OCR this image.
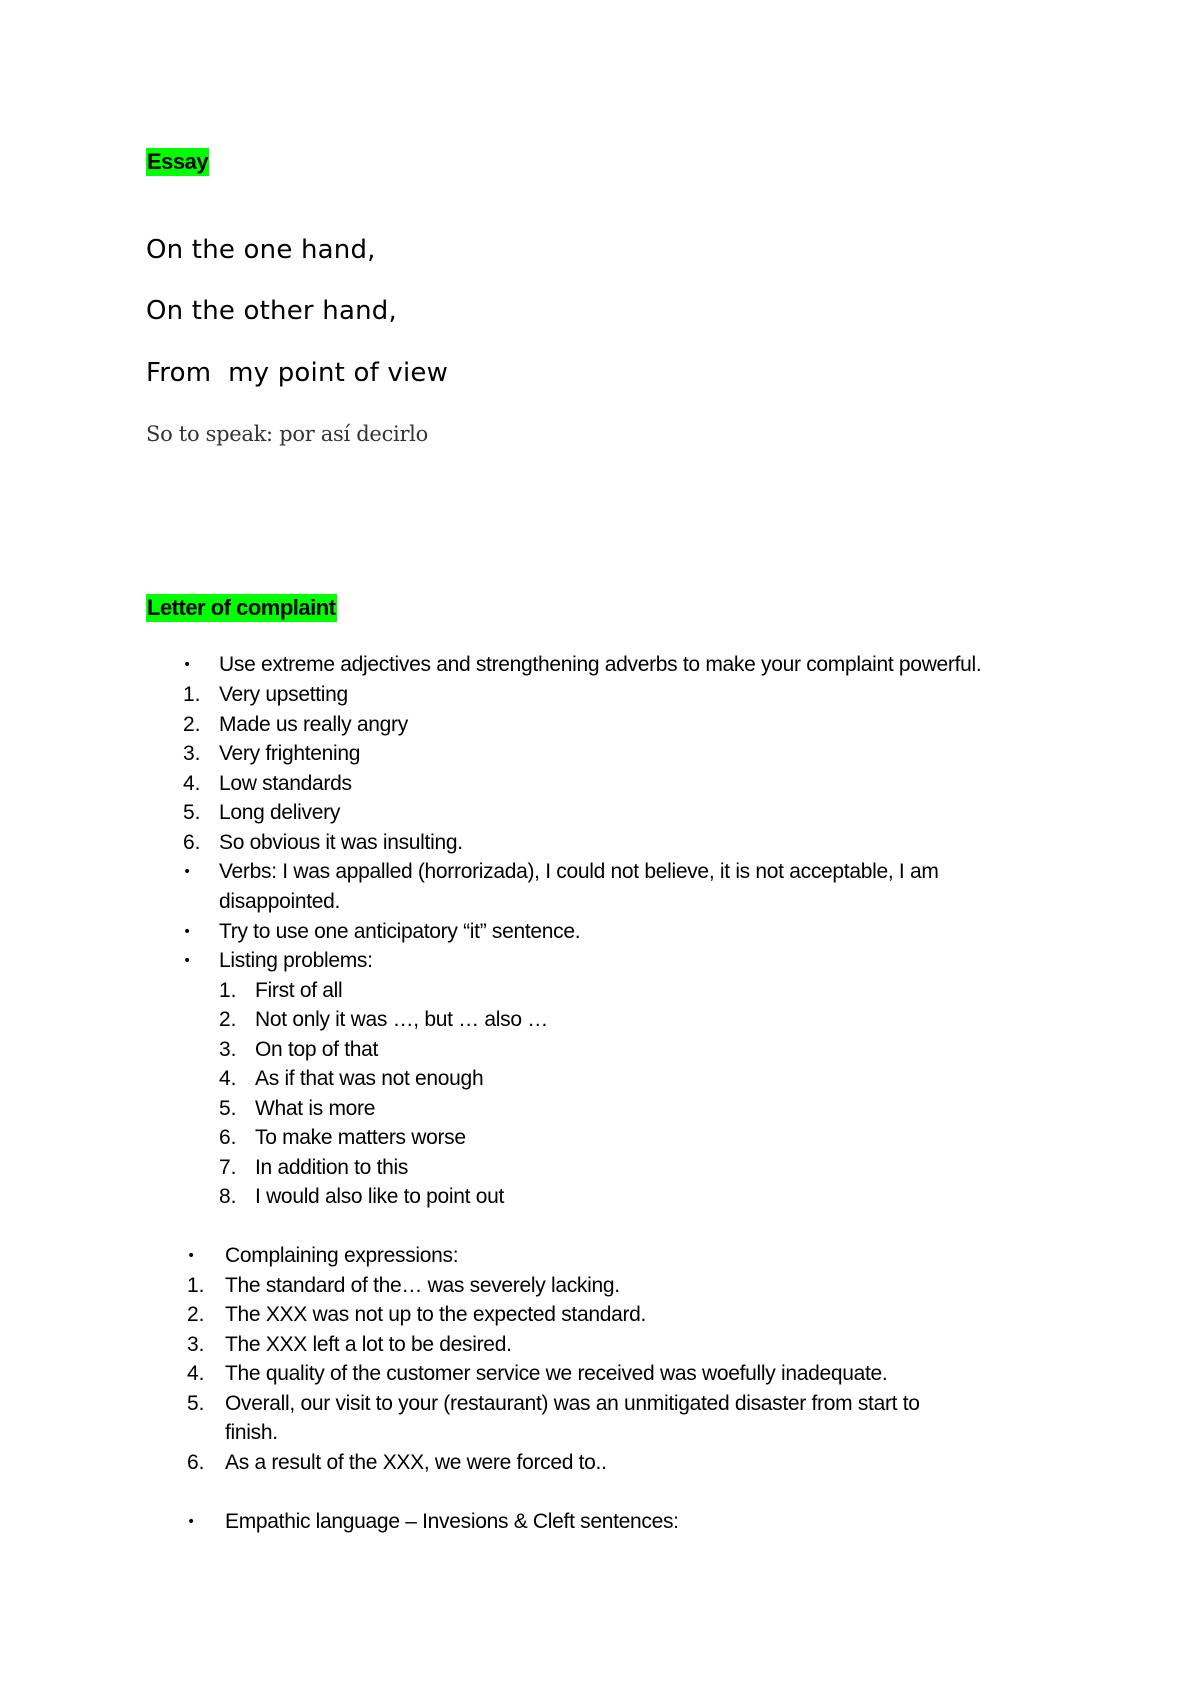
Essay
On the one hand,
On the other hand,
From  my point of view
So to speak: por así decirlo
Letter of complaint
• Use extreme adjectives and strengthening adverbs to make your complaint powerful.
1. Very upsetting
2. Made us really angry
3. Very frightening
4. Low standards
5. Long delivery
6. So obvious it was insulting.
• Verbs: I was appalled (horrorizada), I could not believe, it is not acceptable, I am
disappointed.
• Try to use one anticipatory “it” sentence.
• Listing problems:
1. First of all
2. Not only it was …, but … also …
3. On top of that
4. As if that was not enough
5. What is more
6. To make matters worse
7. In addition to this
8. I would also like to point out
• Complaining expressions:
1. The standard of the… was severely lacking.
2. The XXX was not up to the expected standard.
3. The XXX left a lot to be desired.
4. The quality of the customer service we received was woefully inadequate.
5. Overall, our visit to your (restaurant) was an unmitigated disaster from start to
finish.
6. As a result of the XXX, we were forced to..
• Empathic language – Invesions & Cleft sentences:
